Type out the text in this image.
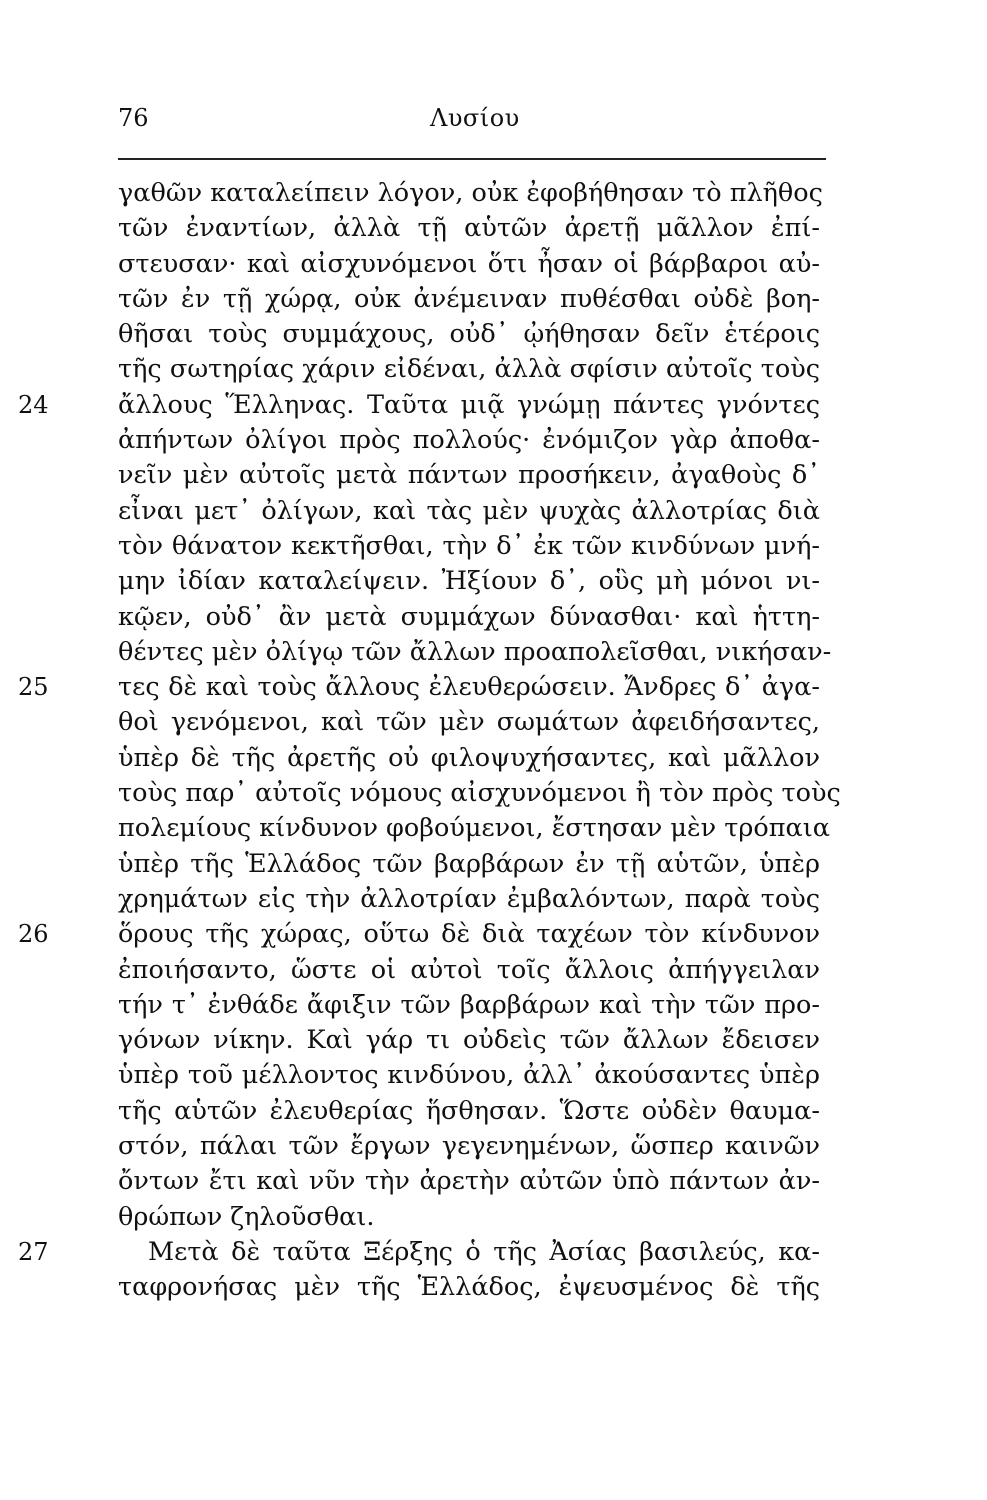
76	Λυσίου
γαθῶν καταλείπειν λόγον, οὐκ ἐφοβήθησαν τὸ πλῆθος
τῶν ἐναντίων, ἀλλὰ τῇ αὑτῶν ἀρετῇ μᾶλλον ἐπί-
στευσαν· καὶ αἰσχυνόμενοι ὅτι ἦσαν οἱ βάρβαροι αὐ-
τῶν ἐν τῇ χώρᾳ, οὐκ ἀνέμειναν πυθέσθαι οὐδὲ βοη-
θῆσαι τοὺς συμμάχους, οὐδ᾽ ᾠήθησαν δεῖν ἑτέροις
τῆς σωτηρίας χάριν εἰδέναι, ἀλλὰ σφίσιν αὐτοῖς τοὺς
24	ἄλλους Ἕλληνας. Ταῦτα μιᾷ γνώμῃ πάντες γνόντες
ἀπήντων ὀλίγοι πρὸς πολλούς· ἐνόμιζον γὰρ ἀποθα-
νεῖν μὲν αὐτοῖς μετὰ πάντων προσήκειν, ἀγαθοὺς δ᾽
εἶναι μετ᾽ ὀλίγων, καὶ τὰς μὲν ψυχὰς ἀλλοτρίας διὰ
τὸν θάνατον κεκτῆσθαι, τὴν δ᾽ ἐκ τῶν κινδύνων μνή-
μην ἰδίαν καταλείψειν. Ἠξίουν δ᾽, οὓς μὴ μόνοι νι-
κῷεν, οὐδ᾽ ἂν μετὰ συμμάχων δύνασθαι· καὶ ἡττη-
θέντες μὲν ὀλίγῳ τῶν ἄλλων προαπολεῖσθαι, νικήσαν-
25	τες δὲ καὶ τοὺς ἄλλους ἐλευθερώσειν. Ἄνδρες δ᾽ ἀγα-
θοὶ γενόμενοι, καὶ τῶν μὲν σωμάτων ἀφειδήσαντες,
ὑπὲρ δὲ τῆς ἀρετῆς οὐ φιλοψυχήσαντες, καὶ μᾶλλον
τοὺς παρ᾽ αὐτοῖς νόμους αἰσχυνόμενοι ἢ τὸν πρὸς τοὺς
πολεμίους κίνδυνον φοβούμενοι, ἔστησαν μὲν τρόπαια
ὑπὲρ τῆς Ἑλλάδος τῶν βαρβάρων ἐν τῇ αὑτῶν, ὑπὲρ
χρημάτων εἰς τὴν ἀλλοτρίαν ἐμβαλόντων, παρὰ τοὺς
26	ὅρους τῆς χώρας, οὕτω δὲ διὰ ταχέων τὸν κίνδυνον
ἐποιήσαντο, ὥστε οἱ αὐτοὶ τοῖς ἄλλοις ἀπήγγειλαν
τήν τ᾽ ἐνθάδε ἄφιξιν τῶν βαρβάρων καὶ τὴν τῶν προ-
γόνων νίκην. Καὶ γάρ τι οὐδεὶς τῶν ἄλλων ἔδεισεν
ὑπὲρ τοῦ μέλλοντος κινδύνου, ἀλλ᾽ ἀκούσαντες ὑπὲρ
τῆς αὑτῶν ἐλευθερίας ἥσθησαν. Ὥστε οὐδὲν θαυμα-
στόν, πάλαι τῶν ἔργων γεγενημένων, ὥσπερ καινῶν
ὄντων ἔτι καὶ νῦν τὴν ἀρετὴν αὐτῶν ὑπὸ πάντων ἀν-
θρώπων ζηλοῦσθαι.
27	Μετὰ δὲ ταῦτα Ξέρξης ὁ τῆς Ἀσίας βασιλεύς, κα-
ταφρονήσας μὲν τῆς Ἑλλάδος, ἐψευσμένος δὲ τῆς
